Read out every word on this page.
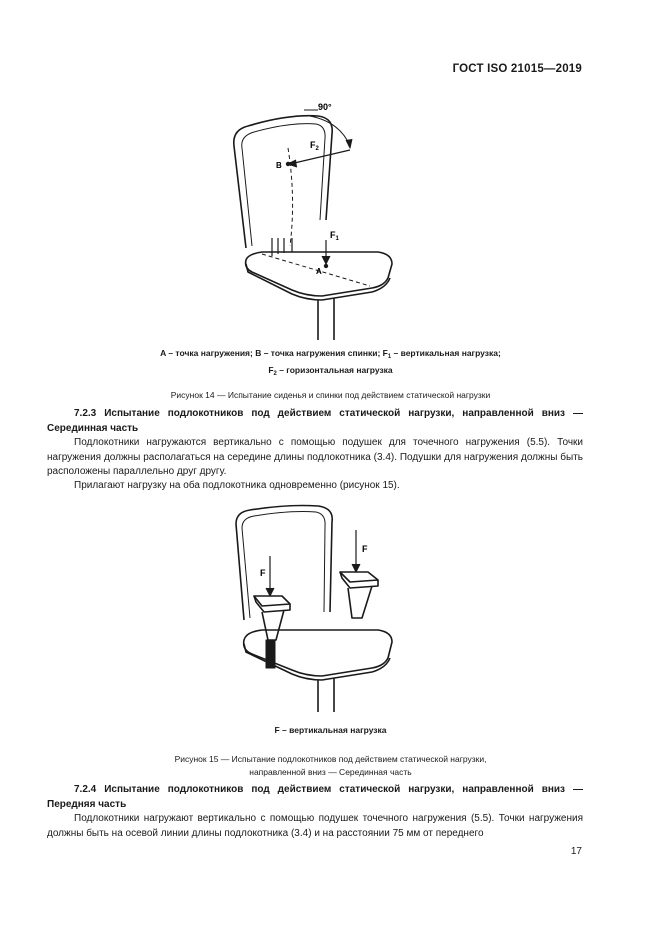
ГОСТ ISO 21015—2019
90°
B
$F_2$
$F_1$
A
A – точка нагружения; B – точка нагружения спинки; $F_1$ – вертикальная нагрузка;
$F_2$ – горизонтальная нагрузка
Рисунок 14 — Испытание сиденья и спинки под действием статической нагрузки

7.2.3 Испытание подлокотников под действием статической нагрузки, направленной вниз — Серединная часть

Подлокотники нагружаются вертикально с помощью подушек для точечного нагружения (5.5). Точки нагружения должны располагаться на середине длины подлокотника (3.4). Подушки для нагружения должны быть расположены параллельно друг другу.

Прилагают нагрузку на оба подлокотника одновременно (рисунок 15).

F
F
F – вертикальная нагрузка
Рисунок 15 — Испытание подлокотников под действием статической нагрузки,
направленной вниз — Серединная часть

7.2.4 Испытание подлокотников под действием статической нагрузки, направленной вниз — Передняя часть

Подлокотники нагружают вертикально с помощью подушек точечного нагружения (5.5). Точки нагружения должны быть на осевой линии длины подлокотника (3.4) и на расстоянии 75 мм от переднего

17
